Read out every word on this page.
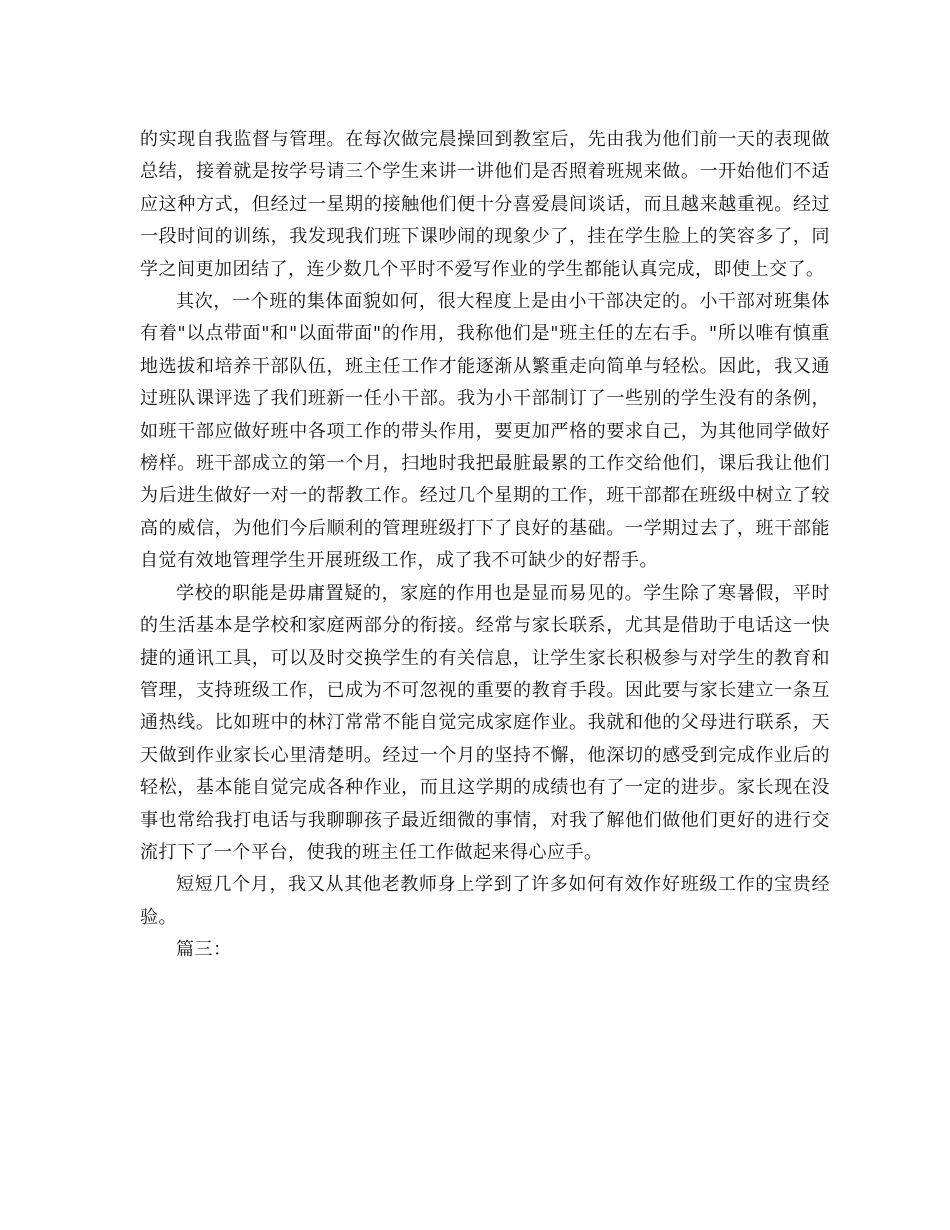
的实现自我监督与管理。在每次做完晨操回到教室后，先由我为他们前一天的表现做总结，接着就是按学号请三个学生来讲一讲他们是否照着班规来做。一开始他们不适应这种方式，但经过一星期的接触他们便十分喜爱晨间谈话，而且越来越重视。经过一段时间的训练，我发现我们班下课吵闹的现象少了，挂在学生脸上的笑容多了，同学之间更加团结了，连少数几个平时不爱写作业的学生都能认真完成，即使上交了。

其次，一个班的集体面貌如何，很大程度上是由小干部决定的。小干部对班集体有着"以点带面"和"以面带面"的作用，我称他们是"班主任的左右手。"所以唯有慎重地选拔和培养干部队伍，班主任工作才能逐渐从繁重走向简单与轻松。因此，我又通过班队课评选了我们班新一任小干部。我为小干部制订了一些别的学生没有的条例，如班干部应做好班中各项工作的带头作用，要更加严格的要求自己，为其他同学做好榜样。班干部成立的第一个月，扫地时我把最脏最累的工作交给他们，课后我让他们为后进生做好一对一的帮教工作。经过几个星期的工作，班干部都在班级中树立了较高的威信，为他们今后顺利的管理班级打下了良好的基础。一学期过去了，班干部能自觉有效地管理学生开展班级工作，成了我不可缺少的好帮手。

学校的职能是毋庸置疑的，家庭的作用也是显而易见的。学生除了寒暑假，平时的生活基本是学校和家庭两部分的衔接。经常与家长联系，尤其是借助于电话这一快捷的通讯工具，可以及时交换学生的有关信息，让学生家长积极参与对学生的教育和管理，支持班级工作，已成为不可忽视的重要的教育手段。因此要与家长建立一条互通热线。比如班中的林汀常常不能自觉完成家庭作业。我就和他的父母进行联系，天天做到作业家长心里清楚明。经过一个月的坚持不懈，他深切的感受到完成作业后的轻松，基本能自觉完成各种作业，而且这学期的成绩也有了一定的进步。家长现在没事也常给我打电话与我聊聊孩子最近细微的事情，对我了解他们做他们更好的进行交流打下了一个平台，使我的班主任工作做起来得心应手。

短短几个月，我又从其他老教师身上学到了许多如何有效作好班级工作的宝贵经验。

篇三：
